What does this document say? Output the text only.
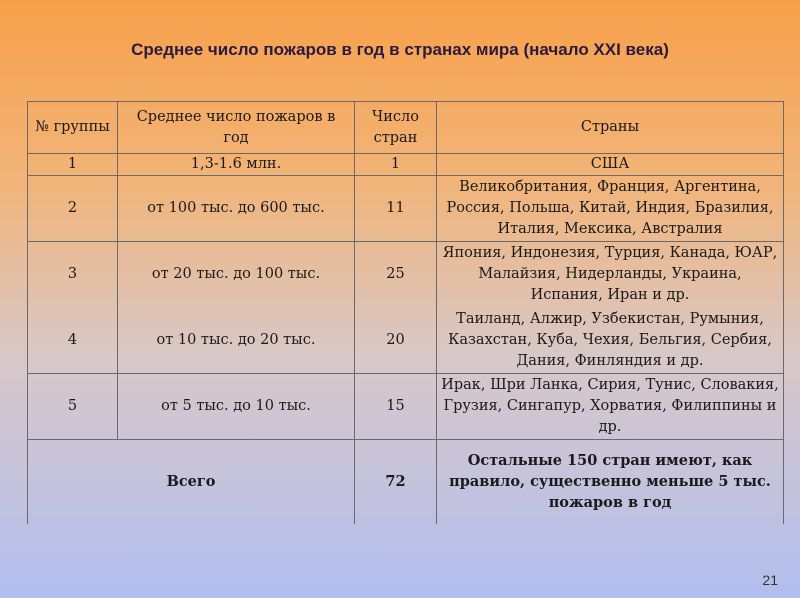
Среднее число пожаров в год в странах мира (начало XXI века)
№ группы	Среднее число пожаров в год	Число стран	Страны
1	1,3-1.6 млн.	1	США
2	от 100 тыс. до 600 тыс.	11	Великобритания, Франция, Аргентина, Россия, Польша, Китай, Индия, Бразилия, Италия, Мексика, Австралия
3	от 20 тыс. до 100 тыс.	25	Япония, Индонезия, Турция, Канада, ЮАР, Малайзия, Нидерланды, Украина, Испания, Иран и др.
4	от 10 тыс. до 20 тыс.	20	Таиланд, Алжир, Узбекистан, Румыния, Казахстан, Куба, Чехия, Бельгия, Сербия, Дания, Финляндия и др.
5	от 5 тыс. до 10 тыс.	15	Ирак, Шри Ланка, Сирия, Тунис, Словакия, Грузия, Сингапур, Хорватия, Филиппины и др.
Всего		72	Остальные 150 стран имеют, как правило, существенно меньше 5 тыс. пожаров в год
21
